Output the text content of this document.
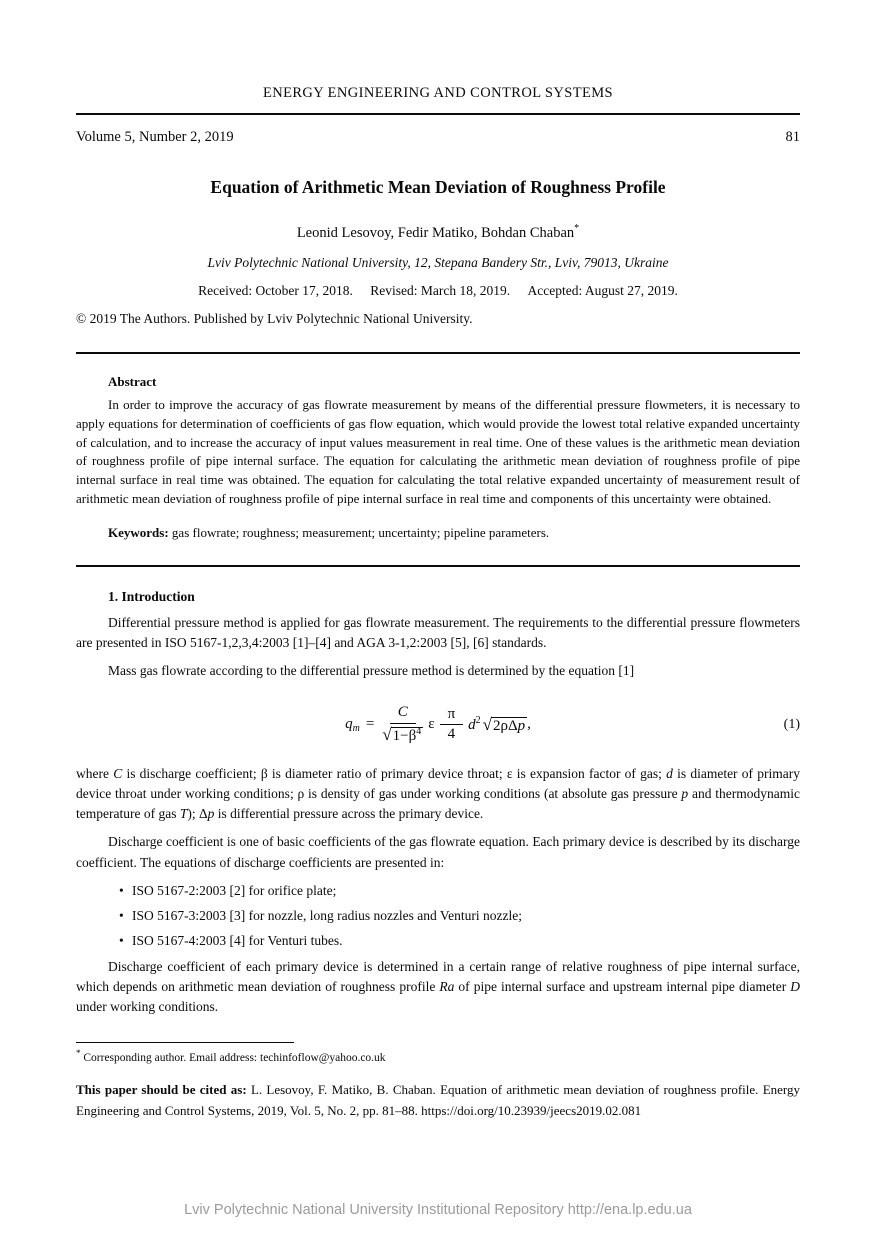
ENERGY ENGINEERING AND CONTROL SYSTEMS
Volume 5, Number 2, 2019	81
Equation of Arithmetic Mean Deviation of Roughness Profile
Leonid Lesovoy, Fedir Matiko, Bohdan Chaban*
Lviv Polytechnic National University, 12, Stepana Bandery Str., Lviv, 79013, Ukraine
Received: October 17, 2018. Revised: March 18, 2019. Accepted: August 27, 2019.
© 2019 The Authors. Published by Lviv Polytechnic National University.
Abstract
In order to improve the accuracy of gas flowrate measurement by means of the differential pressure flowmeters, it is necessary to apply equations for determination of coefficients of gas flow equation, which would provide the lowest total relative expanded uncertainty of calculation, and to increase the accuracy of input values measurement in real time. One of these values is the arithmetic mean deviation of roughness profile of pipe internal surface. The equation for calculating the arithmetic mean deviation of roughness profile of pipe internal surface in real time was obtained. The equation for calculating the total relative expanded uncertainty of measurement result of arithmetic mean deviation of roughness profile of pipe internal surface in real time and components of this uncertainty were obtained.
Keywords: gas flowrate; roughness; measurement; uncertainty; pipeline parameters.
1. Introduction

Differential pressure method is applied for gas flowrate measurement. The requirements to the differential pressure flowmeters are presented in ISO 5167-1,2,3,4:2003 [1]–[4] and AGA 3-1,2:2003 [5], [6] standards.

Mass gas flowrate according to the differential pressure method is determined by the equation [1]

q $m = \frac{C}{√1-\beta^4}$ ε $\frac{\pi}{4} d^2$ √2ρΔp ,	(1)

where C is discharge coefficient; β is diameter ratio of primary device throat; ε is expansion factor of gas; d is diameter of primary device throat under working conditions; ρ is density of gas under working conditions (at absolute gas pressure p and thermodynamic temperature of gas T); Δp is differential pressure across the primary device.

Discharge coefficient is one of basic coefficients of the gas flowrate equation. Each primary device is described by its discharge coefficient. The equations of discharge coefficients are presented in:

• ISO 5167-2:2003 [2] for orifice plate;
• ISO 5167-3:2003 [3] for nozzle, long radius nozzles and Venturi nozzle;
• ISO 5167-4:2003 [4] for Venturi tubes.

Discharge coefficient of each primary device is determined in a certain range of relative roughness of pipe internal surface, which depends on arithmetic mean deviation of roughness profile Ra of pipe internal surface and upstream internal pipe diameter D under working conditions.

* Corresponding author. Email address: techinfoflow@yahoo.co.uk

This paper should be cited as: L. Lesovoy, F. Matiko, B. Chaban. Equation of arithmetic mean deviation of roughness profile. Energy Engineering and Control Systems, 2019, Vol. 5, No. 2, pp. 81–88. https://doi.org/10.23939/jeecs2019.02.081

Lviv Polytechnic National University Institutional Repository http://ena.lp.edu.ua
